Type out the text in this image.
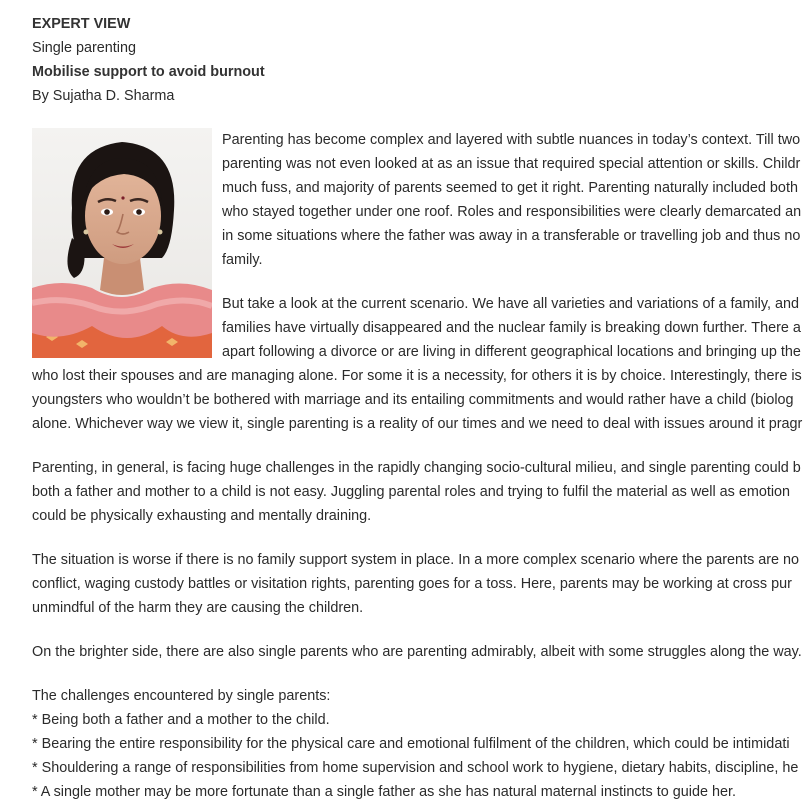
EXPERT VIEW
Single parenting
Mobilise support to avoid burnout
By Sujatha D. Sharma
Parenting has become complex and layered with subtle nuances in today’s context. Till two
parenting was not even looked at as an issue that required special attention or skills. Childr
much fuss, and majority of parents seemed to get it right. Parenting naturally included both
who stayed together under one roof. Roles and responsibilities were clearly demarcated an
in some situations where the father was away in a transferable or travelling job and thus no
family.
But take a look at the current scenario. We have all varieties and variations of a family, and
families have virtually disappeared and the nuclear family is breaking down further. There a
apart following a divorce or are living in different geographical locations and bringing up the
who lost their spouses and are managing alone. For some it is a necessity, for others it is by choice. Interestingly, there is
youngsters who wouldn’t be bothered with marriage and its entailing commitments and would rather have a child (biolog
alone. Whichever way we view it, single parenting is a reality of our times and we need to deal with issues around it pragr
Parenting, in general, is facing huge challenges in the rapidly changing socio-cultural milieu, and single parenting could b
both a father and mother to a child is not easy. Juggling parental roles and trying to fulfil the material as well as emotion
could be physically exhausting and mentally draining.
The situation is worse if there is no family support system in place. In a more complex scenario where the parents are no
conflict, waging custody battles or visitation rights, parenting goes for a toss. Here, parents may be working at cross pur
unmindful of the harm they are causing the children.
On the brighter side, there are also single parents who are parenting admirably, albeit with some struggles along the way.
The challenges encountered by single parents:
* Being both a father and a mother to the child.
* Bearing the entire responsibility for the physical care and emotional fulfilment of the children, which could be intimidati
* Shouldering a range of responsibilities from home supervision and school work to hygiene, dietary habits, discipline, he
* A single mother may be more fortunate than a single father as she has natural maternal instincts to guide her.
